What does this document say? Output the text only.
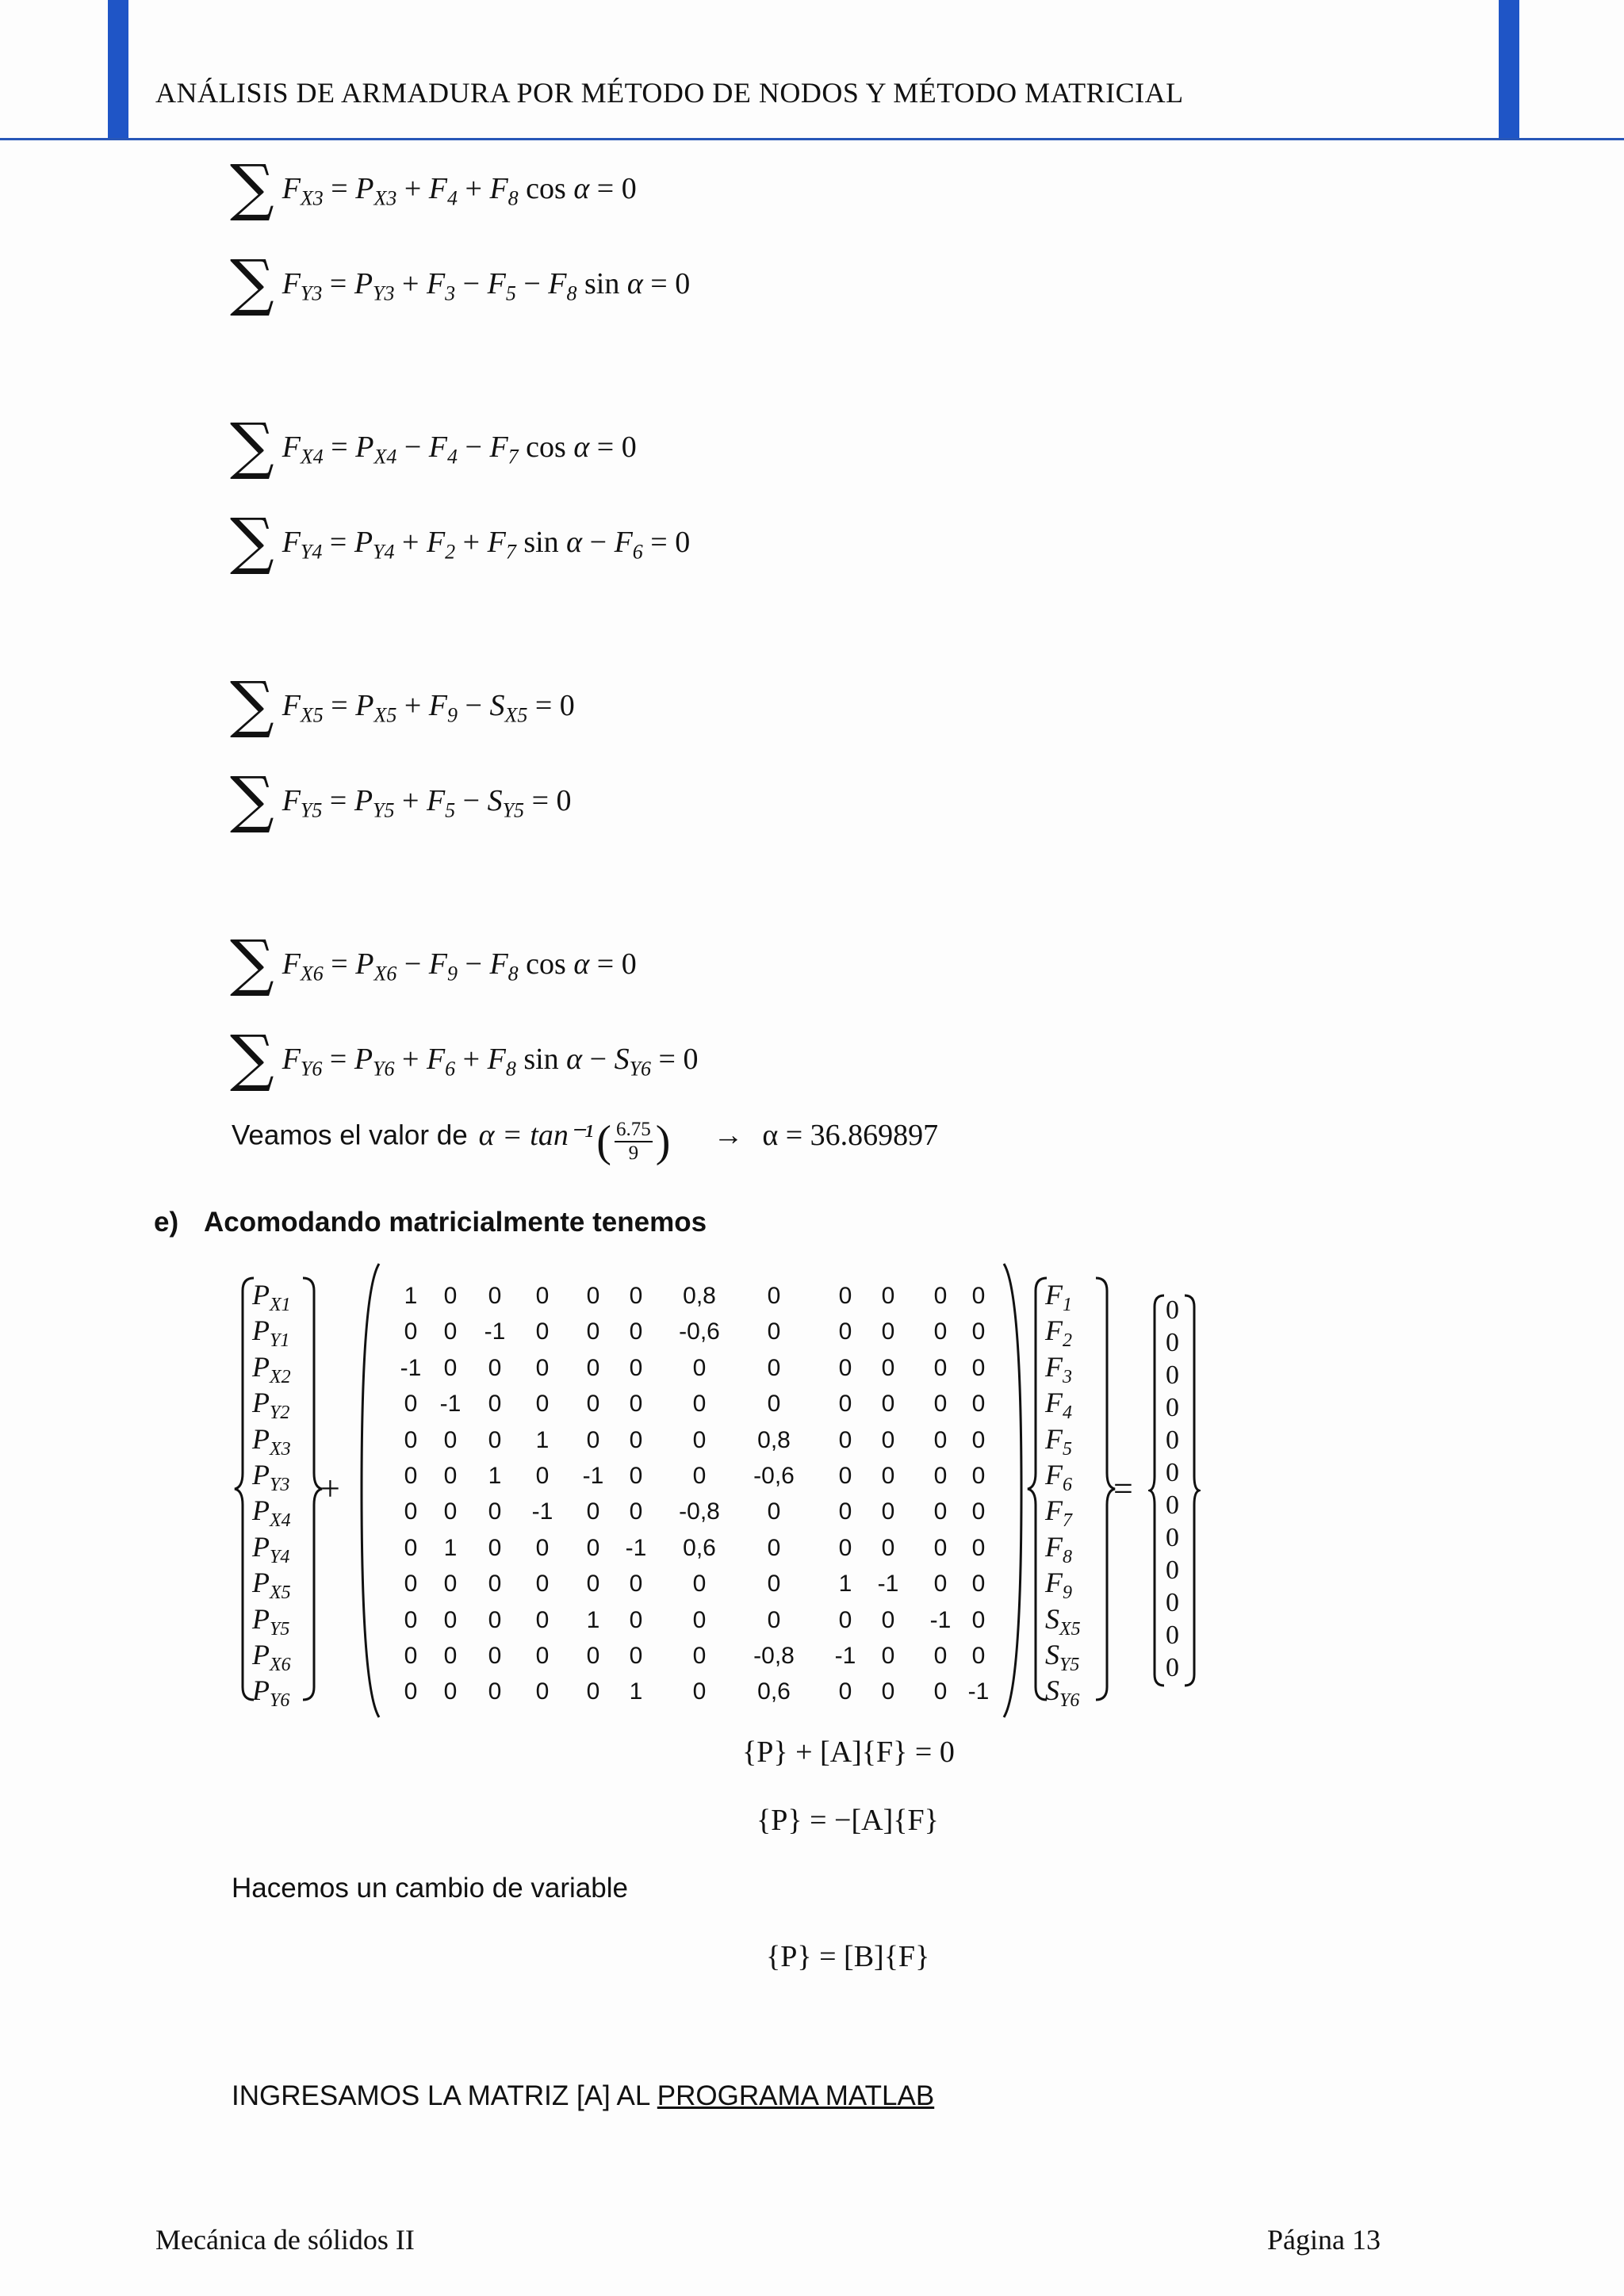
ANÁLISIS DE ARMADURA POR MÉTODO DE NODOS Y MÉTODO MATRICIAL
∑ $F_{X3} = P_{X3} + F_4 + F_8$ cos α = 0
∑ $F_{Y3} = P_{Y3} + F_3 - F_5 - F_8$ sin α = 0
∑ $F_{X4} = P_{X4} - F_4 - F_7$ cos α = 0
∑ $F_{Y4} = P_{Y4} + F_2 + F_7$ $\sin \alpha - F_6 = 0$
∑ $F_{X5} = P_{X5} + F_9 - S_{X5} = 0$
∑ $F_{Y5} = P_{Y5} + F_5 - S_{Y5} = 0$
∑ $F_{X6} = P_{X6} - F_9 - F_8$ cos α = 0
∑ $F_{Y6} = P_{Y6} + F_6 + F_8$ $\sin \alpha - S_{Y6} = 0$
Veamos el valor de α = tan⁻¹ ( $\frac{6.75}{9}$ ) → α = 36.869897
e) Acomodando matricialmente tenemos
+	=
$P_{X1}$
$P_{Y1}$
$P_{X2}$
$P_{Y2}$
$P_{X3}$
$P_{Y3}$
$P_{X4}$
$P_{Y4}$
$P_{X5}$
$P_{Y5}$
$P_{X6}$
$P_{Y6}$
1	0	0	0	0	0	0,8	0	0	0	0	0
0	0	-1	0	0	0	-0,6	0	0	0	0	0
-1 0	0	0	0	0	0	0	0	0	0	0
0 -1	0	0	0	0	0	0	0	0	0	0
0	0	0	1	0	0	0	0,8	0	0	0	0
0	0	1	0	-1	0	0	-0,6	0	0	0	0
0	0	0	-1	0	0	-0,8	0	0	0	0	0
0	1	0	0	0	-1	0,6	0	0	0	0	0
0	0	0	0	0	0	0	0	1	-1	0	0
0	0	0	0	1	0	0	0	0	0	-1 0
0	0	0	0	0	0	0	-0,8	-1	0	0	0
0	0	0	0	0	1	0	0,6	0	0	0 -1
$F_1$
$F_2$
$F_3$
$F_4$
$F_5$
$F_6$
$F_7$
$F_8$
$F_9$
$S_{X5}$
$S_{Y5}$
$S_{Y6}$
0
0
0
0
0
0
0
0
0
0
0
0
{P} + [A]{F} = 0
{P} = −[A]{F}
Hacemos un cambio de variable
{P} = [B]{F}
INGRESAMOS LA MATRIZ [A] AL PROGRAMA MATLAB
Mecánica de sólidos II	Página 13
